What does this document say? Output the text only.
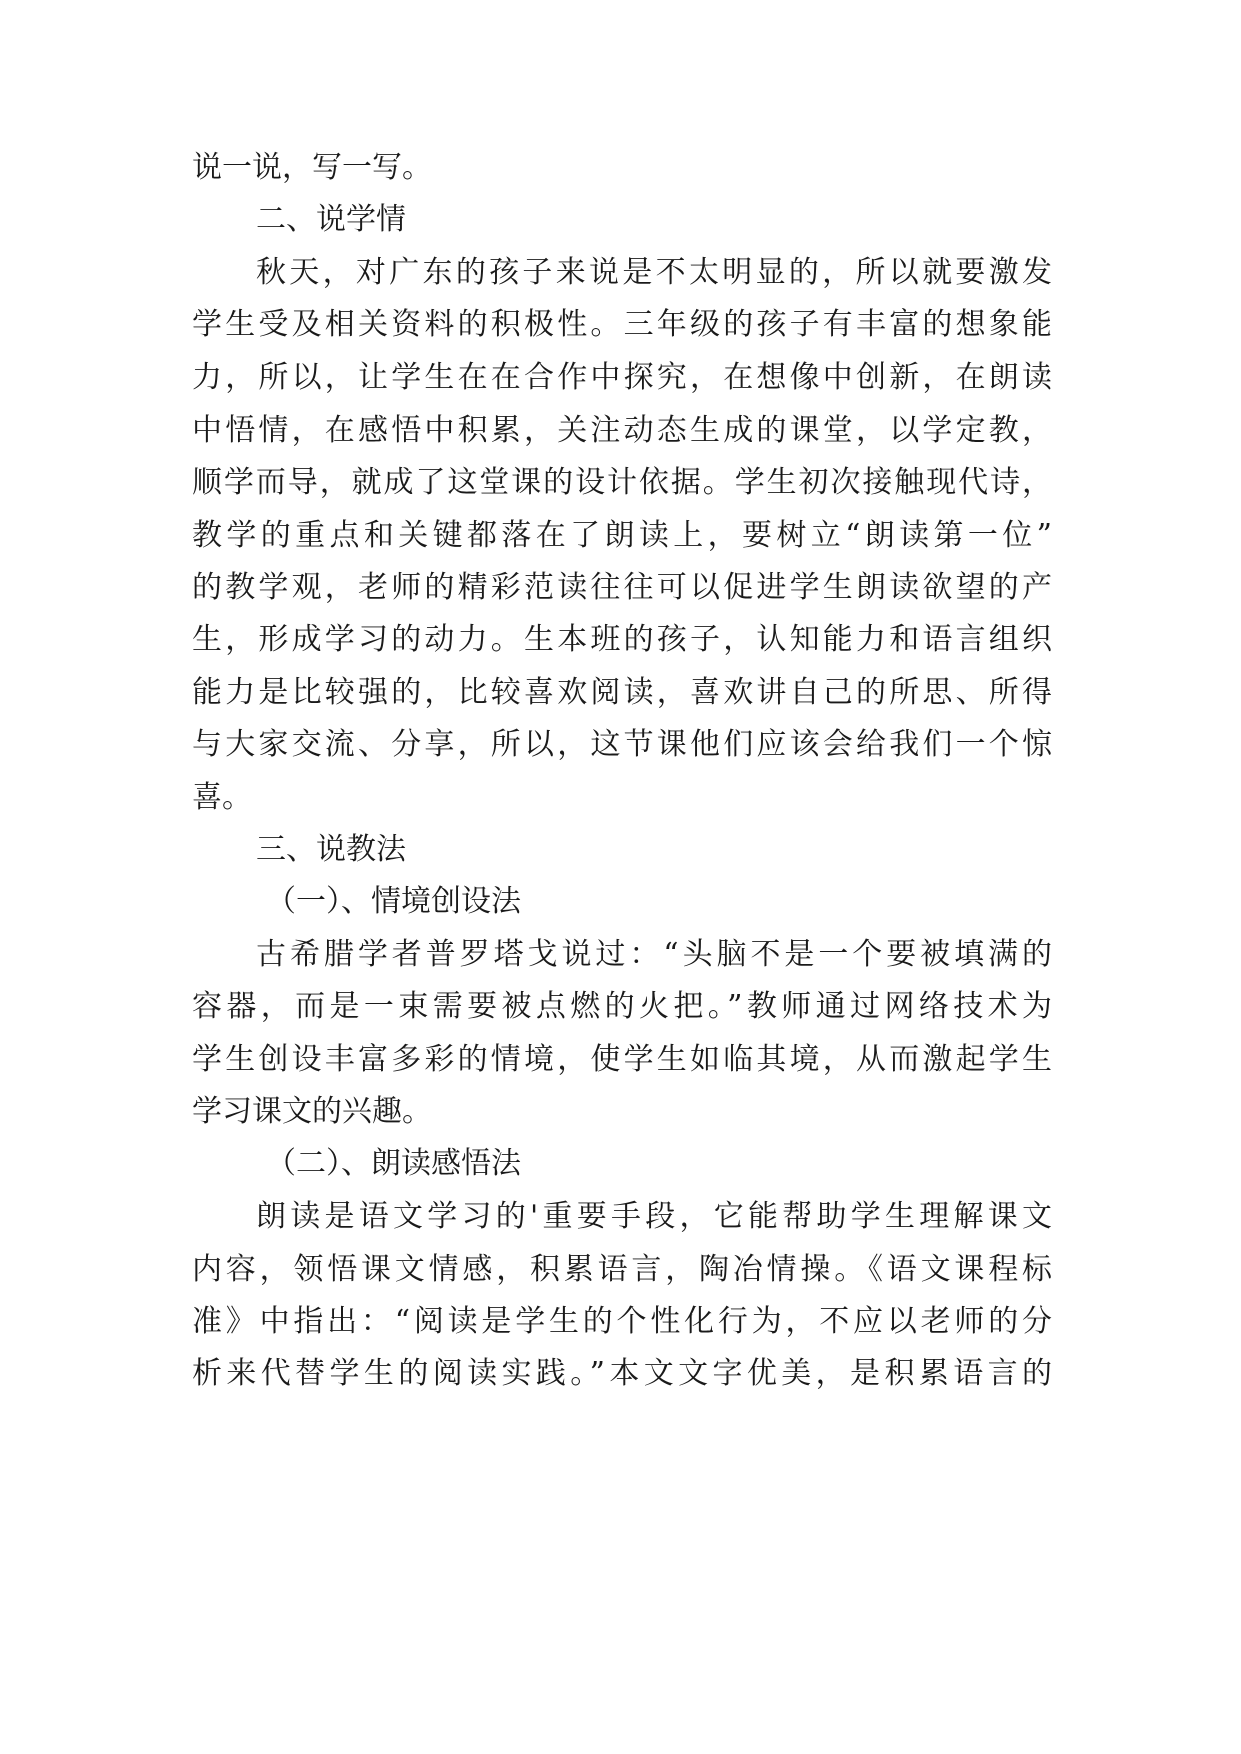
说一说，写一写。
二、说学情
秋天，对广东的孩子来说是不太明显的，所以就要激发
学生受及相关资料的积极性。三年级的孩子有丰富的想象能
力，所以，让学生在在合作中探究，在想像中创新，在朗读
中悟情，在感悟中积累，关注动态生成的课堂，以学定教，
顺学而导，就成了这堂课的设计依据。学生初次接触现代诗，
教学的重点和关键都落在了朗读上，要树立“朗读第一位”
的教学观，老师的精彩范读往往可以促进学生朗读欲望的产
生，形成学习的动力。生本班的孩子，认知能力和语言组织
能力是比较强的，比较喜欢阅读，喜欢讲自己的所思、所得
与大家交流、分享，所以，这节课他们应该会给我们一个惊
喜。
三、说教法
（一）、情境创设法
古希腊学者普罗塔戈说过：“头脑不是一个要被填满的
容器，而是一束需要被点燃的火把。”教师通过网络技术为
学生创设丰富多彩的情境，使学生如临其境，从而激起学生
学习课文的兴趣。
（二）、朗读感悟法
朗读是语文学习的'重要手段，它能帮助学生理解课文
内容，领悟课文情感，积累语言，陶冶情操。《语文课程标
准》中指出：“阅读是学生的个性化行为，不应以老师的分
析来代替学生的阅读实践。”本文文字优美，是积累语言的
